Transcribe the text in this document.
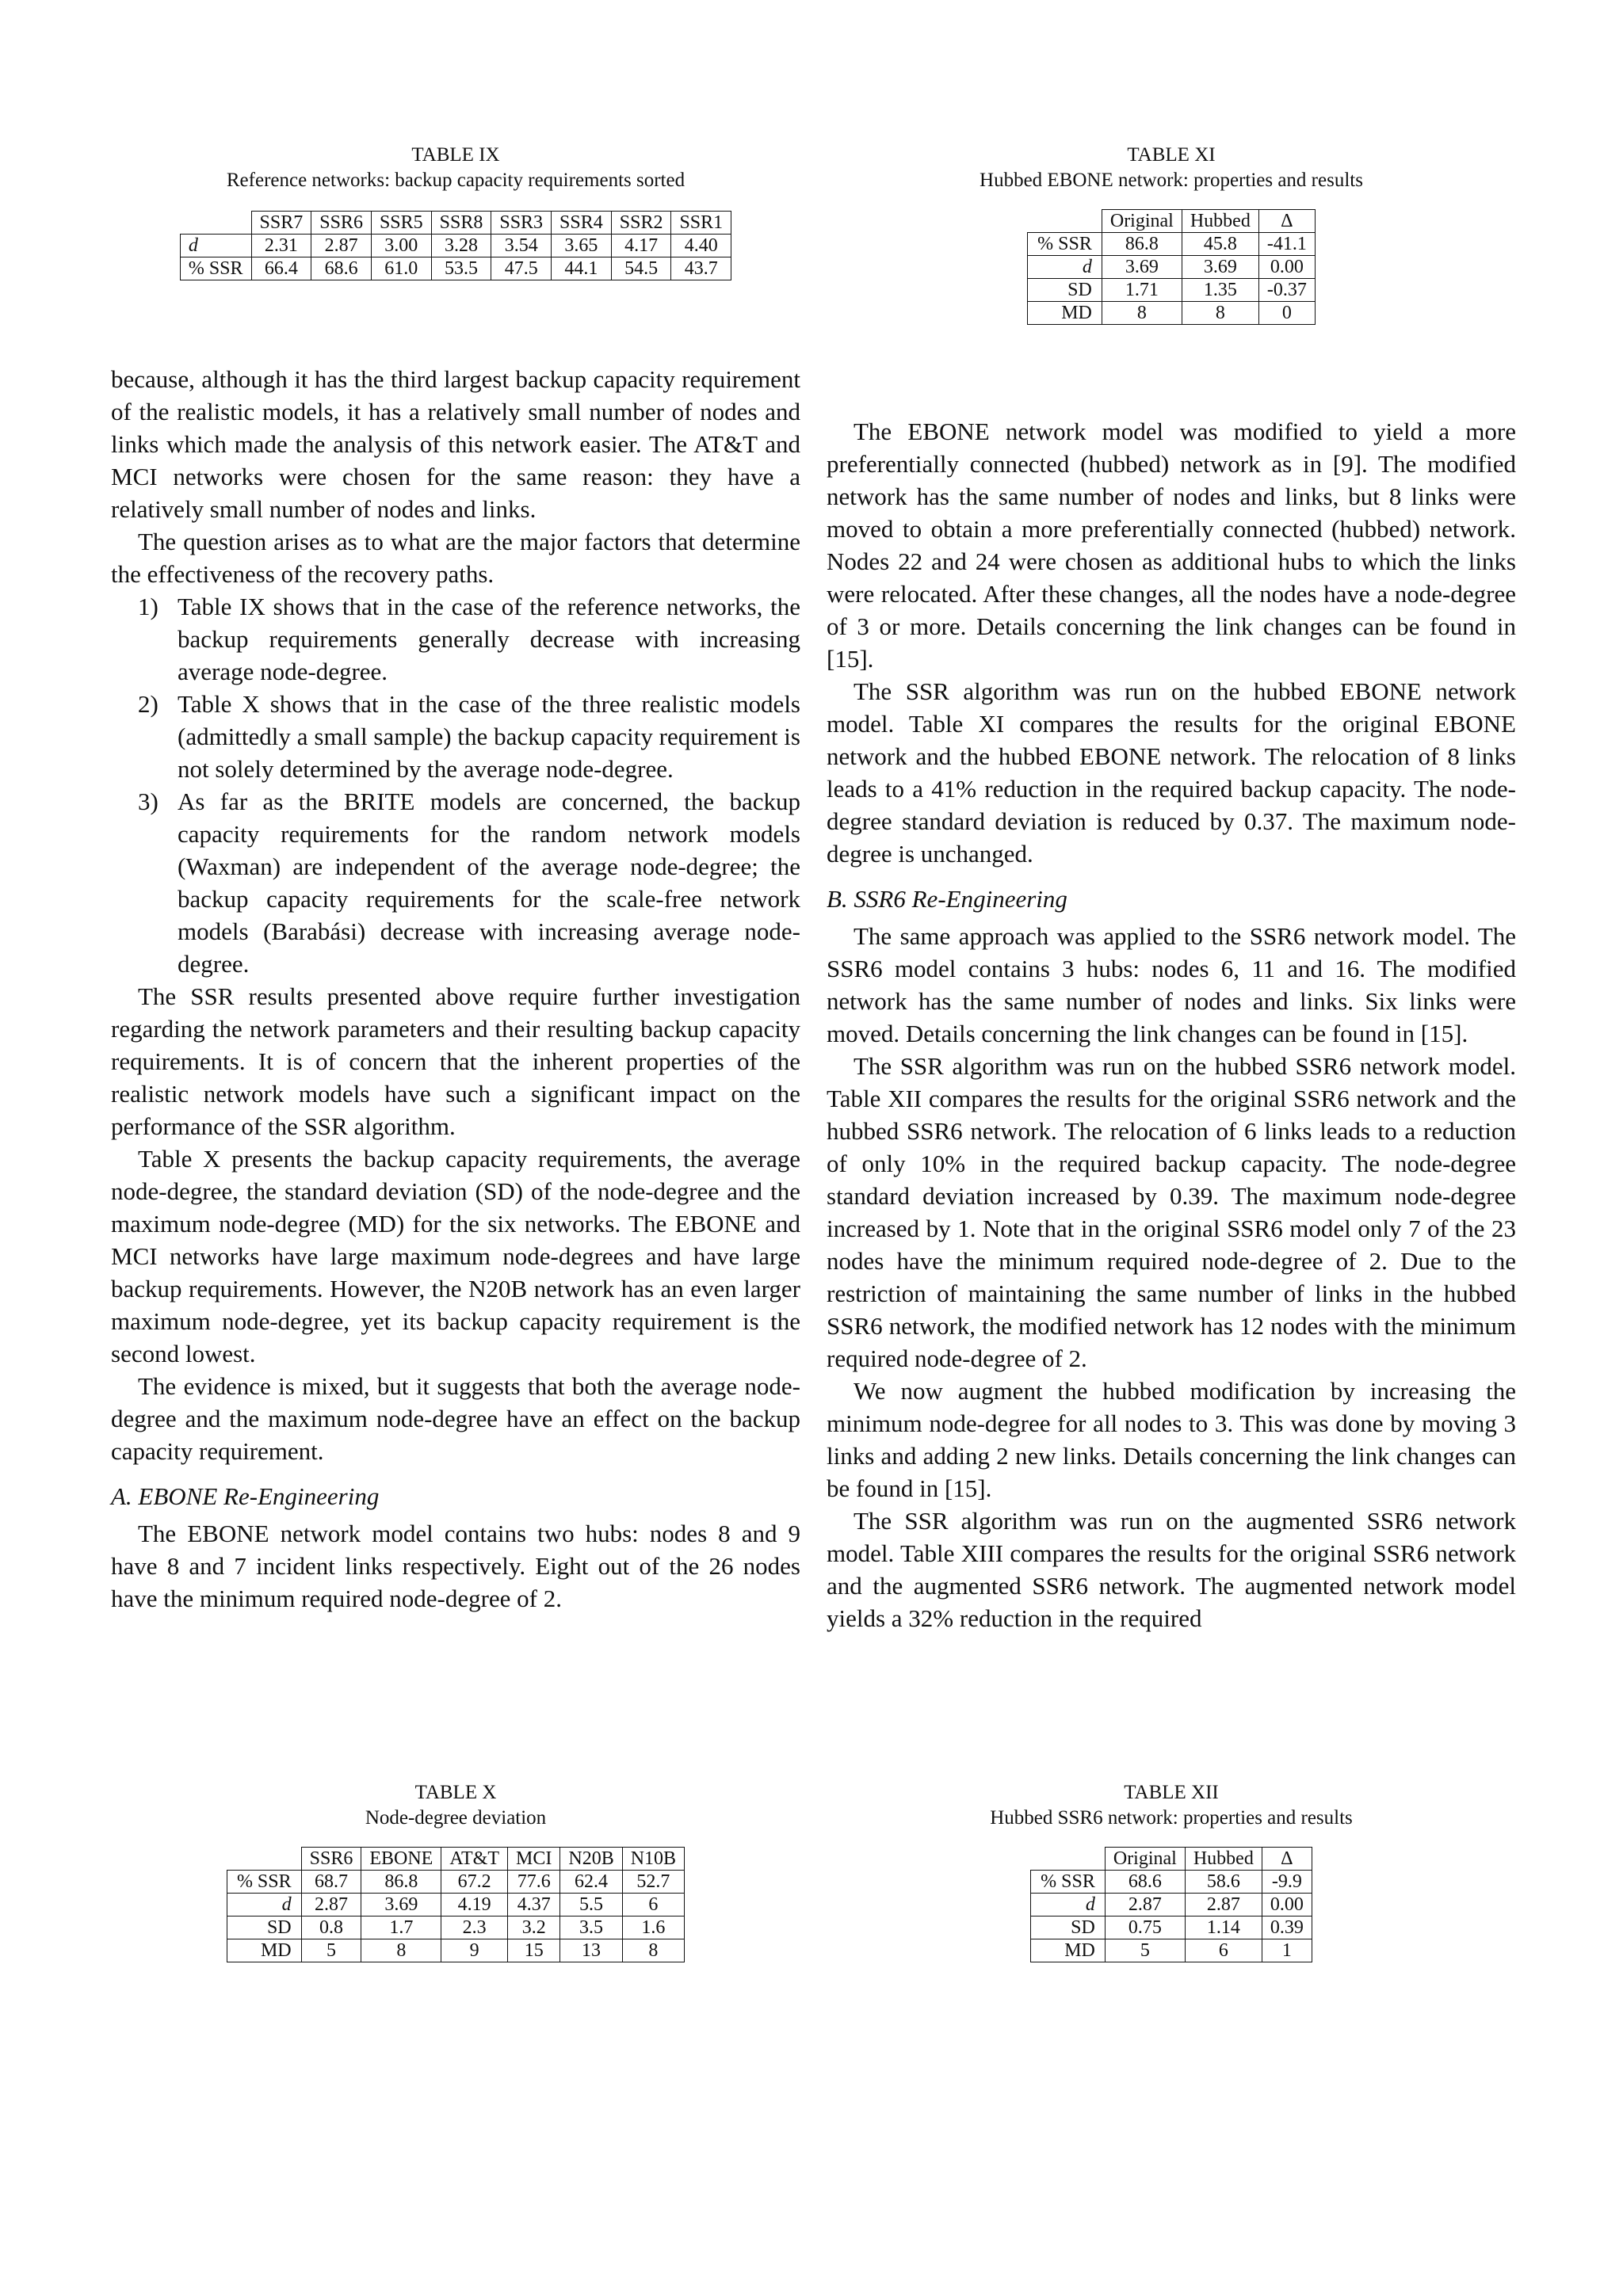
TABLE IX
Reference networks: backup capacity requirements sorted
	SSR7	SSR6	SSR5	SSR8	SSR3	SSR4	SSR2	SSR1
d	2.31	2.87	3.00	3.28	3.54	3.65	4.17	4.40
% SSR	66.4	68.6	61.0	53.5	47.5	44.1	54.5	43.7

because, although it has the third largest backup capacity requirement of the realistic models, it has a relatively small number of nodes and links which made the analysis of this network easier. The AT&T and MCI networks were chosen for the same reason: they have a relatively small number of nodes and links.

The question arises as to what are the major factors that determine the effectiveness of the recovery paths.

1) Table IX shows that in the case of the reference networks, the backup requirements generally decrease with increasing average node-degree.
2) Table X shows that in the case of the three realistic models (admittedly a small sample) the backup capacity requirement is not solely determined by the average node-degree.
3) As far as the BRITE models are concerned, the backup capacity requirements for the random network models (Waxman) are independent of the average node-degree; the backup capacity requirements for the scale-free network models (Barabási) decrease with increasing average node-degree.

The SSR results presented above require further investigation regarding the network parameters and their resulting backup capacity requirements. It is of concern that the inherent properties of the realistic network models have such a significant impact on the performance of the SSR algorithm.

Table X presents the backup capacity requirements, the average node-degree, the standard deviation (SD) of the node-degree and the maximum node-degree (MD) for the six networks. The EBONE and MCI networks have large maximum node-degrees and have large backup requirements. However, the N20B network has an even larger maximum node-degree, yet its backup capacity requirement is the second lowest.

The evidence is mixed, but it suggests that both the average node-degree and the maximum node-degree have an effect on the backup capacity requirement.

A. EBONE Re-Engineering

The EBONE network model contains two hubs: nodes 8 and 9 have 8 and 7 incident links respectively. Eight out of the 26 nodes have the minimum required node-degree of 2.

TABLE X
Node-degree deviation
	SSR6	EBONE	AT&T	MCI	N20B	N10B
% SSR	68.7	86.8	67.2	77.6	62.4	52.7
d	2.87	3.69	4.19	4.37	5.5	6
SD	0.8	1.7	2.3	3.2	3.5	1.6
MD	5	8	9	15	13	8
TABLE XI
Hubbed EBONE network: properties and results
	Original	Hubbed	Δ
% SSR	86.8	45.8	-41.1
d	3.69	3.69	0.00
SD	1.71	1.35	-0.37
MD	8	8	0

The EBONE network model was modified to yield a more preferentially connected (hubbed) network as in [9]. The modified network has the same number of nodes and links, but 8 links were moved to obtain a more preferentially connected (hubbed) network. Nodes 22 and 24 were chosen as additional hubs to which the links were relocated. After these changes, all the nodes have a node-degree of 3 or more. Details concerning the link changes can be found in [15].

The SSR algorithm was run on the hubbed EBONE network model. Table XI compares the results for the original EBONE network and the hubbed EBONE network. The relocation of 8 links leads to a 41% reduction in the required backup capacity. The node-degree standard deviation is reduced by 0.37. The maximum node-degree is unchanged.

B. SSR6 Re-Engineering

The same approach was applied to the SSR6 network model. The SSR6 model contains 3 hubs: nodes 6, 11 and 16. The modified network has the same number of nodes and links. Six links were moved. Details concerning the link changes can be found in [15].

The SSR algorithm was run on the hubbed SSR6 network model. Table XII compares the results for the original SSR6 network and the hubbed SSR6 network. The relocation of 6 links leads to a reduction of only 10% in the required backup capacity. The node-degree standard deviation increased by 0.39. The maximum node-degree increased by 1. Note that in the original SSR6 model only 7 of the 23 nodes have the minimum required node-degree of 2. Due to the restriction of maintaining the same number of links in the hubbed SSR6 network, the modified network has 12 nodes with the minimum required node-degree of 2.

We now augment the hubbed modification by increasing the minimum node-degree for all nodes to 3. This was done by moving 3 links and adding 2 new links. Details concerning the link changes can be found in [15].

The SSR algorithm was run on the augmented SSR6 network model. Table XIII compares the results for the original SSR6 network and the augmented SSR6 network. The augmented network model yields a 32% reduction in the required

TABLE XII
Hubbed SSR6 network: properties and results
	Original	Hubbed	Δ
% SSR	68.6	58.6	-9.9
d	2.87	2.87	0.00
SD	0.75	1.14	0.39
MD	5	6	1
